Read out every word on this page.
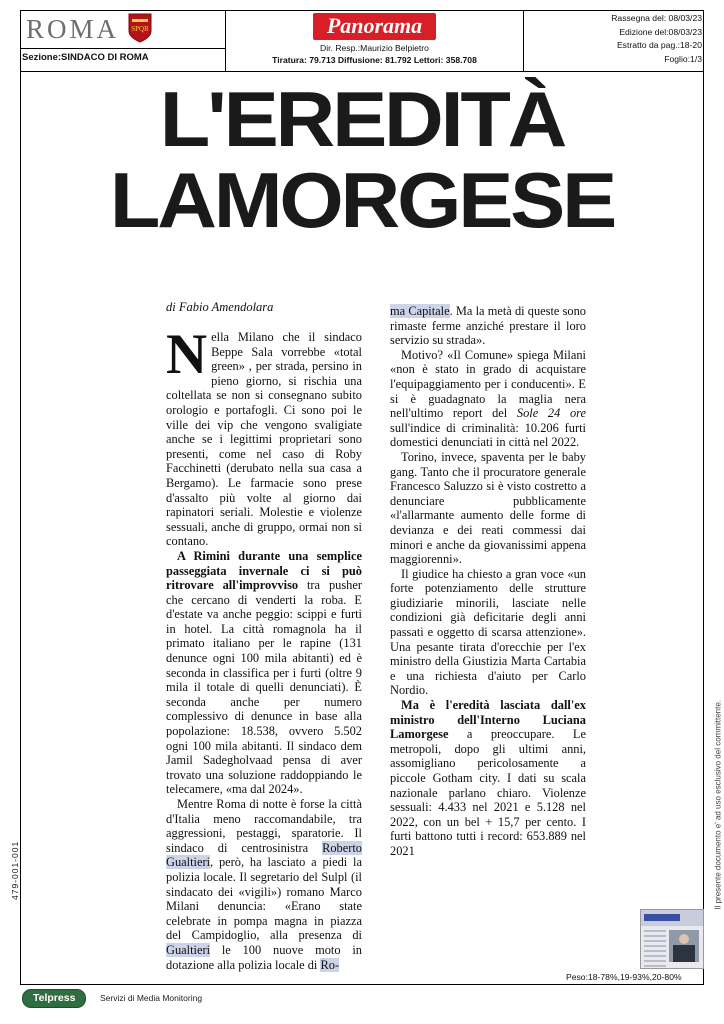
ROMA SPQR
Sezione:SINDACO DI ROMA
Panorama
Dir. Resp.:Maurizio Belpietro
Tiratura: 79.713 Diffusione: 81.792 Lettori: 358.708
Rassegna del: 08/03/23
Edizione del:08/03/23
Estratto da pag.:18-20
Foglio:1/3
L'EREDITÀ
LAMORGESE
di Fabio Amendolara

Nella Milano che il sindaco Beppe Sala vorrebbe «total green» , per strada, persino in pieno giorno, si rischia una coltellata se non si consegnano subito orologio e portafogli. Ci sono poi le ville dei vip che vengono svaligiate anche se i legittimi proprietari sono presenti, come nel caso di Roby Facchinetti (derubato nella sua casa a Bergamo). Le farmacie sono prese d'assalto più volte al giorno dai rapinatori seriali. Molestie e violenze sessuali, anche di gruppo, ormai non si contano.

A Rimini durante una semplice passeggiata invernale ci si può ritrovare all'improvviso tra pusher che cercano di venderti la roba. E d'estate va anche peggio: scippi e furti in hotel. La città romagnola ha il primato italiano per le rapine (131 denunce ogni 100 mila abitanti) ed è seconda in classifica per i furti (oltre 9 mila il totale di quelli denunciati). È seconda anche per numero complessivo di denunce in base alla popolazione: 18.538, ovvero 5.502 ogni 100 mila abitanti. Il sindaco dem Jamil Sadegholvaad pensa di aver trovato una soluzione raddoppiando le telecamere, «ma dal 2024».

Mentre Roma di notte è forse la città d'Italia meno raccomandabile, tra aggressioni, pestaggi, sparatorie. Il sindaco di centrosinistra Roberto Gualtieri, però, ha lasciato a piedi la polizia locale. Il segretario del Sulpl (il sindacato dei «vigili») romano Marco Milani denuncia: «Erano state celebrate in pompa magna in piazza del Campidoglio, alla presenza di Gualtieri le 100 nuove moto in dotazione alla polizia locale di Ro-

ma Capitale. Ma la metà di queste sono rimaste ferme anziché prestare il loro servizio su strada».

Motivo? «Il Comune» spiega Milani «non è stato in grado di acquistare l'equipaggiamento per i conducenti». E si è guadagnato la maglia nera nell'ultimo report del Sole 24 ore sull'indice di criminalità: 10.206 furti domestici denunciati in città nel 2022.

Torino, invece, spaventa per le baby gang. Tanto che il procuratore generale Francesco Saluzzo si è visto costretto a denunciare pubblicamente «l'allarmante aumento delle forme di devianza e dei reati commessi dai minori e anche da giovanissimi appena maggiorenni».

Il giudice ha chiesto a gran voce «un forte potenziamento delle strutture giudiziarie minorili, lasciate nelle condizioni già deficitarie degli anni passati e oggetto di scarsa attenzione». Una pesante tirata d'orecchie per l'ex ministro della Giustizia Marta Cartabia e una richiesta d'aiuto per Carlo Nordio.

Ma è l'eredità lasciata dall'ex ministro dell'Interno Luciana Lamorgese a preoccupare. Le metropoli, dopo gli ultimi anni, assomigliano pericolosamente a piccole Gotham city. I dati su scala nazionale parlano chiaro. Violenze sessuali: 4.433 nel 2021 e 5.128 nel 2022, con un bel + 15,7 per cento. I furti battono tutti i record: 653.889 nel 2021	Il presente documento e' ad uso esclusivo del committente.
479-001-001
Peso:18-78%,19-93%,20-80%
Telpress	Servizi di Media Monitoring
